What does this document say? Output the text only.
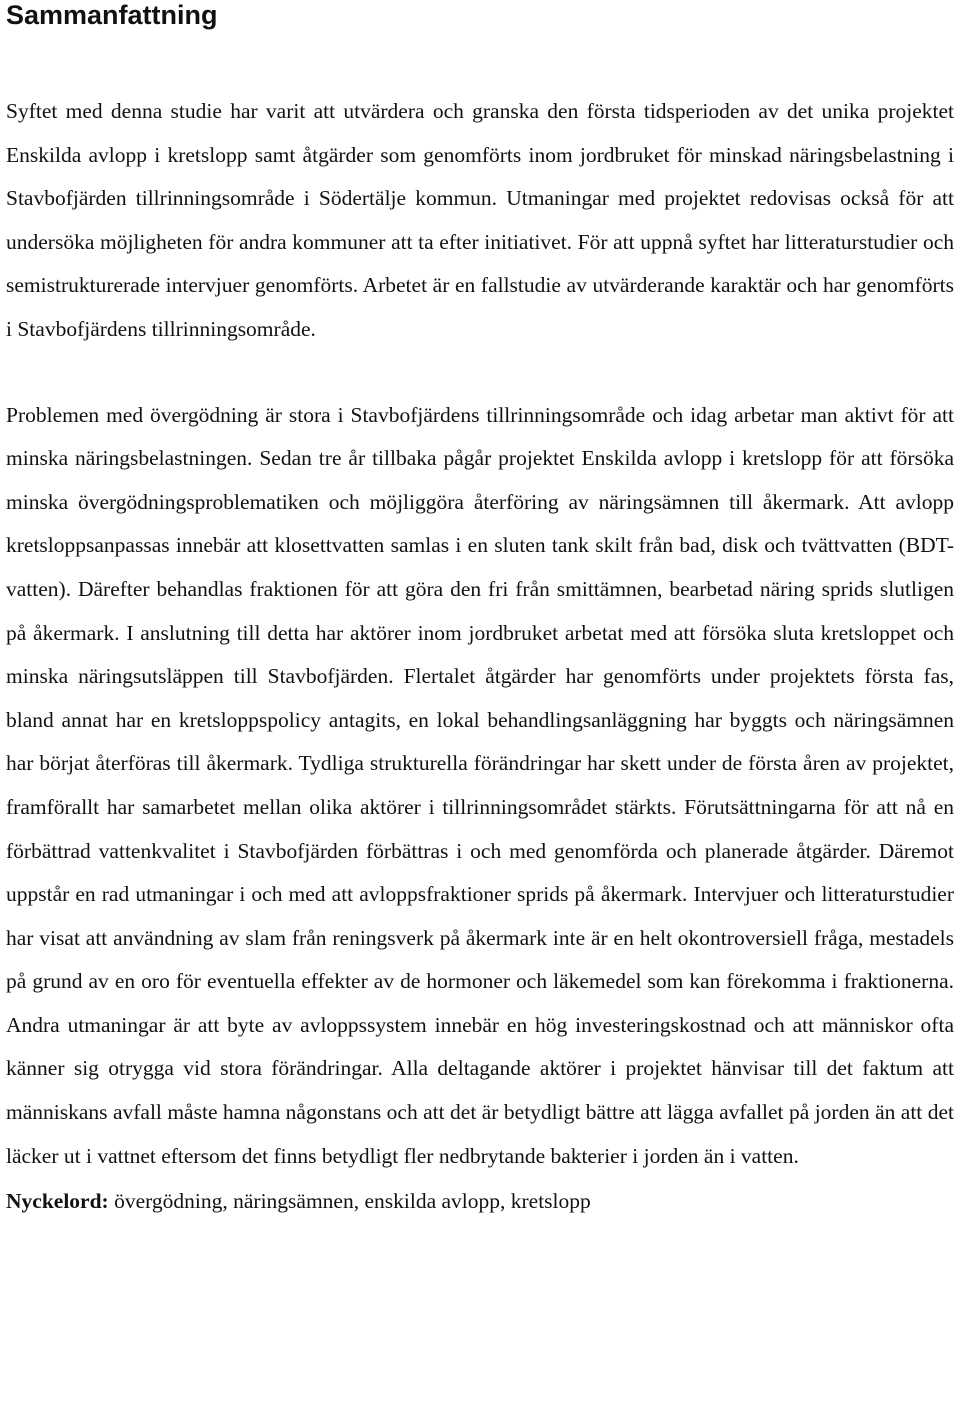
Sammanfattning

Syftet med denna studie har varit att utvärdera och granska den första tidsperioden av det unika projektet Enskilda avlopp i kretslopp samt åtgärder som genomförts inom jordbruket för minskad näringsbelastning i Stavbofjärden tillrinningsområde i Södertälje kommun. Utmaningar med projektet redovisas också för att undersöka möjligheten för andra kommuner att ta efter initiativet. För att uppnå syftet har litteraturstudier och semistrukturerade intervjuer genomförts. Arbetet är en fallstudie av utvärderande karaktär och har genomförts i Stavbofjärdens tillrinningsområde.

Problemen med övergödning är stora i Stavbofjärdens tillrinningsområde och idag arbetar man aktivt för att minska näringsbelastningen. Sedan tre år tillbaka pågår projektet Enskilda avlopp i kretslopp för att försöka minska övergödningsproblematiken och möjliggöra återföring av näringsämnen till åkermark. Att avlopp kretsloppsanpassas innebär att klosettvatten samlas i en sluten tank skilt från bad, disk och tvättvatten (BDT- vatten). Därefter behandlas fraktionen för att göra den fri från smittämnen, bearbetad näring sprids slutligen på åkermark. I anslutning till detta har aktörer inom jordbruket arbetat med att försöka sluta kretsloppet och minska näringsutsläppen till Stavbofjärden. Flertalet åtgärder har genomförts under projektets första fas, bland annat har en kretsloppspolicy antagits, en lokal behandlingsanläggning har byggts och näringsämnen har börjat återföras till åkermark. Tydliga strukturella förändringar har skett under de första åren av projektet, framförallt har samarbetet mellan olika aktörer i tillrinningsområdet stärkts. Förutsättningarna för att nå en förbättrad vattenkvalitet i Stavbofjärden förbättras i och med genomförda och planerade åtgärder. Däremot uppstår en rad utmaningar i och med att avloppsfraktioner sprids på åkermark. Intervjuer och litteraturstudier har visat att användning av slam från reningsverk på åkermark inte är en helt okontroversiell fråga, mestadels på grund av en oro för eventuella effekter av de hormoner och läkemedel som kan förekomma i fraktionerna. Andra utmaningar är att byte av avloppssystem innebär en hög investeringskostnad och att människor ofta känner sig otrygga vid stora förändringar. Alla deltagande aktörer i projektet hänvisar till det faktum att människans avfall måste hamna någonstans och att det är betydligt bättre att lägga avfallet på jorden än att det läcker ut i vattnet eftersom det finns betydligt fler nedbrytande bakterier i jorden än i vatten.

Nyckelord: övergödning, näringsämnen, enskilda avlopp, kretslopp
